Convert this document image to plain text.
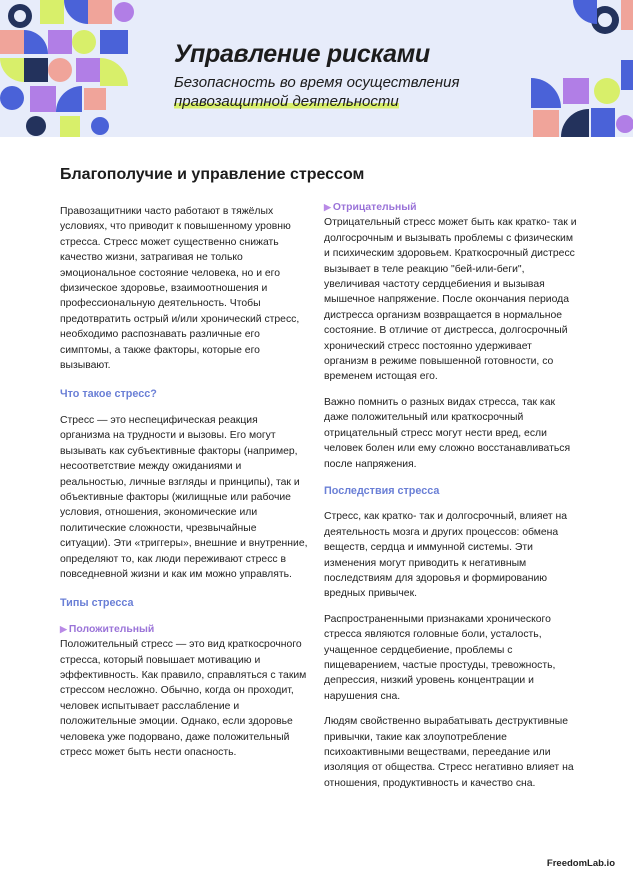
Управление рисками
Безопасность во время осуществления
правозащитной деятельности
Благополучие и управление стрессом

Правозащитники часто работают в тяжёлых условиях, что приводит к повышенному уровню стресса. Стресс может существенно снижать качество жизни, затрагивая не только эмоциональное состояние человека, но и его физическое здоровье, взаимоотношения и профессиональную деятельность. Чтобы предотвратить острый и/или хронический стресс, необходимо распознавать различные его симптомы, а также факторы, которые его вызывают.

Что такое стресс?

Стресс — это неспецифическая реакция организма на трудности и вызовы. Его могут вызывать как субъективные факторы (например, несоответствие между ожиданиями и реальностью, личные взгляды и принципы), так и объективные факторы (жилищные или рабочие условия, отношения, экономические или политические сложности, чрезвычайные ситуации). Эти «триггеры», внешние и внутренние, определяют то, как люди переживают стресс в повседневной жизни и как им можно управлять.

Типы стресса
▶ Положительный

Положительный стресс — это вид краткосрочного стресса, который повышает мотивацию и эффективность. Как правило, справляться с таким стрессом несложно. Обычно, когда он проходит, человек испытывает расслабление и положительные эмоции. Однако, если здоровье человека уже подорвано, даже положительный стресс может быть нести опасность.

▶ Отрицательный

Отрицательный стресс может быть как кратко- так и долгосрочным и вызывать проблемы с физическим и психическим здоровьем. Краткосрочный дистресс вызывает в теле реакцию "бей-или-беги", увеличивая частоту сердцебиения и вызывая мышечное напряжение. После окончания периода дистресса организм возвращается в нормальное состояние. В отличие от дистресса, долгосрочный хронический стресс постоянно удерживает организм в режиме повышенной готовности, со временем истощая его.

Важно помнить о разных видах стресса, так как даже положительный или краткосрочный отрицательный стресс могут нести вред, если человек болен или ему сложно восстанавливаться после напряжения.

Последствия стресса

Стресс, как кратко- так и долгосрочный, влияет на деятельность мозга и других процессов: обмена веществ, сердца и иммунной системы. Эти изменения могут приводить к негативным последствиям для здоровья и формированию вредных привычек.

Распространенными признаками хронического стресса являются головные боли, усталость, учащенное сердцебиение, проблемы с пищеварением, частые простуды, тревожность, депрессия, низкий уровень концентрации и нарушения сна.

Людям свойственно вырабатывать деструктивные привычки, такие как злоупотребление психоактивными веществами, переедание или изоляция от общества. Стресс негативно влияет на отношения, продуктивность и качество сна.

FreedomLab.io
